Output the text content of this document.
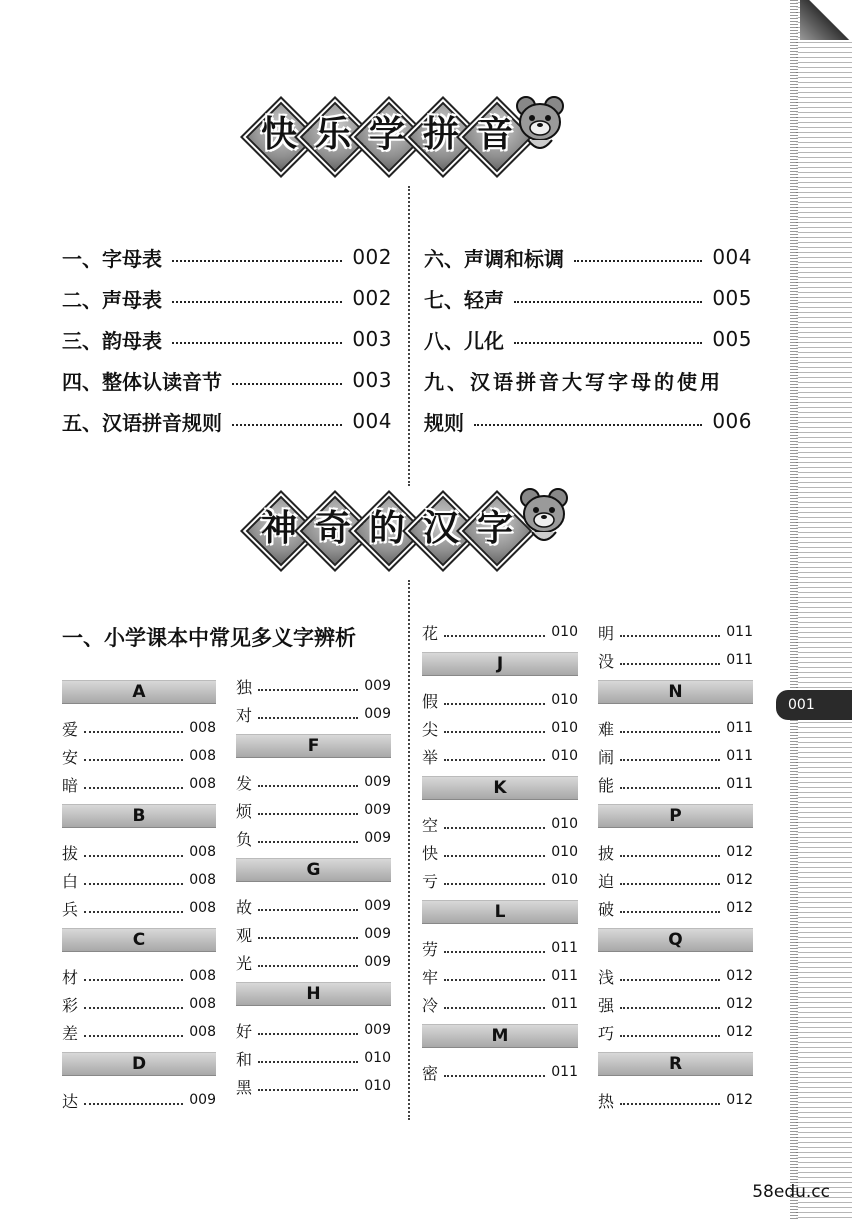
001
快 乐 学 拼 音
一、字母表	002
二、声母表	002
三、韵母表	003
四、整体认读音节	003
五、汉语拼音规则	004
六、声调和标调	004
七、轻声	005
八、儿化	005
九、汉语拼音大写字母的使用
规则	006
神 奇 的 汉 字
一、小学课本中常见多义字辨析
A
爱	008
安	008
暗	008
B
拔	008
白	008
兵	008
C
材	008
彩	008
差	008
D
达	009
独	009
对	009
F
发	009
烦	009
负	009
G
故	009
观	009
光	009
H
好	009
和	010
黑	010
花	010
J
假	010
尖	010
举	010
K
空	010
快	010
亏	010
L
劳	011
牢	011
冷	011
M
密	011
明	011
没	011
N
难	011
闹	011
能	011
P
披	012
迫	012
破	012
Q
浅	012
强	012
巧	012
R
热	012
58edu.cc
